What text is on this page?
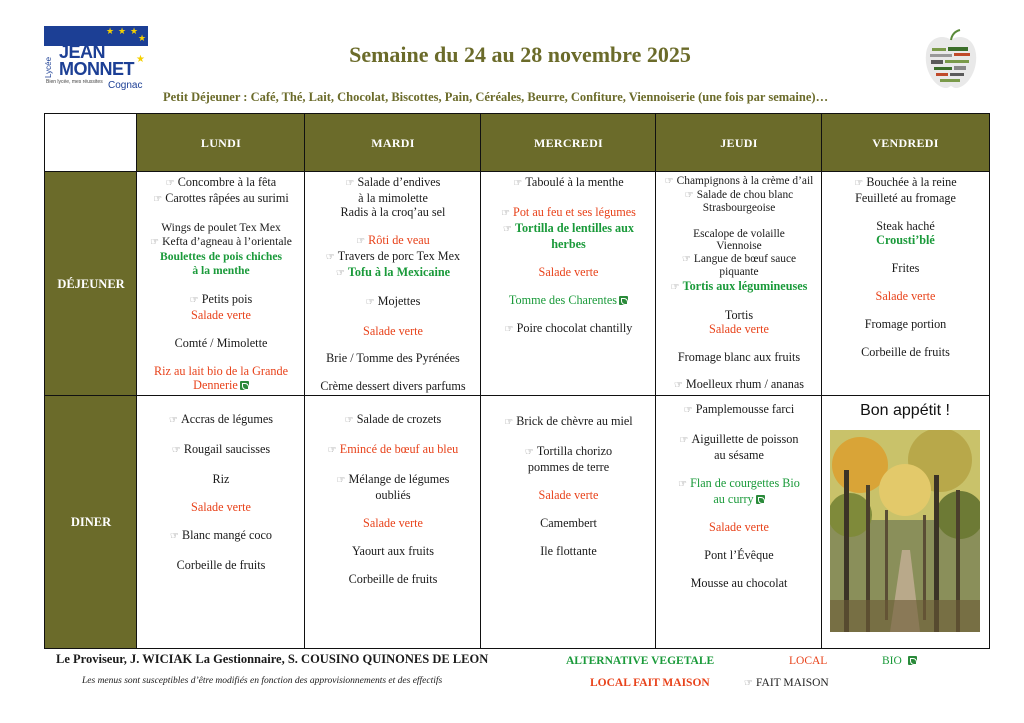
★ ★ ★
★
★
Lycée
JEAN
MONNET
Bien lycée, mes réussites Cognac
Semaine du 24 au 28 novembre 2025
Petit Déjeuner : Café, Thé, Lait, Chocolat, Biscottes, Pain, Céréales, Beurre, Confiture, Viennoiserie (une fois par semaine)…
LUNDI	MARDI	MERCREDI	JEUDI	VENDREDI
DÉJEUNER
DINER
☞ Concombre à la fêta
☞ Carottes râpées au surimi
Wings de poulet Tex Mex
☞ Kefta d’agneau à l’orientale
Boulettes de pois chiches
à la menthe
☞ Petits pois
Salade verte
Comté / Mimolette
Riz au lait bio de la Grande
Dennerie
☞ Salade d’endives
à la mimolette
Radis à la croq’au sel
☞ Rôti de veau
☞ Travers de porc Tex Mex
☞ Tofu à la Mexicaine
☞ Mojettes
Salade verte
Brie / Tomme des Pyrénées
Crème dessert divers parfums
☞ Taboulé à la menthe
☞ Pot au feu et ses légumes
☞ Tortilla de lentilles aux
herbes
Salade verte
Tomme des Charentes
☞ Poire chocolat chantilly
☞ Champignons à la crème d’ail
☞ Salade de chou blanc
Strasbourgeoise
Escalope de volaille
Viennoise
☞ Langue de bœuf sauce
piquante
☞ Tortis aux légumineuses
Tortis
Salade verte
Fromage blanc aux fruits
☞ Moelleux rhum / ananas
☞ Bouchée à la reine
Feuilleté au fromage
Steak haché
Crousti’blé
Frites
Salade verte
Fromage portion
Corbeille de fruits
☞ Accras de légumes
☞ Rougail saucisses
Riz
Salade verte
☞ Blanc mangé coco
Corbeille de fruits
☞ Salade de crozets
☞ Emincé de bœuf au bleu
☞ Mélange de légumes
oubliés
Salade verte
Yaourt aux fruits
Corbeille de fruits
☞ Brick de chèvre au miel
☞ Tortilla chorizo
pommes de terre
Salade verte
Camembert
Ile flottante
☞ Pamplemousse farci
☞ Aiguillette de poisson
au sésame
☞ Flan de courgettes Bio
au curry
Salade verte
Pont l’Évêque
Mousse au chocolat
Bon appétit !
Le Proviseur, J. WICIAK La Gestionnaire, S. COUSINO QUINONES DE LEON
Les menus sont susceptibles d’être modifiés en fonction des approvisionnements et des effectifs
ALTERNATIVE VEGETALE	LOCAL	BIO
LOCAL FAIT MAISON
☞	FAIT MAISON
